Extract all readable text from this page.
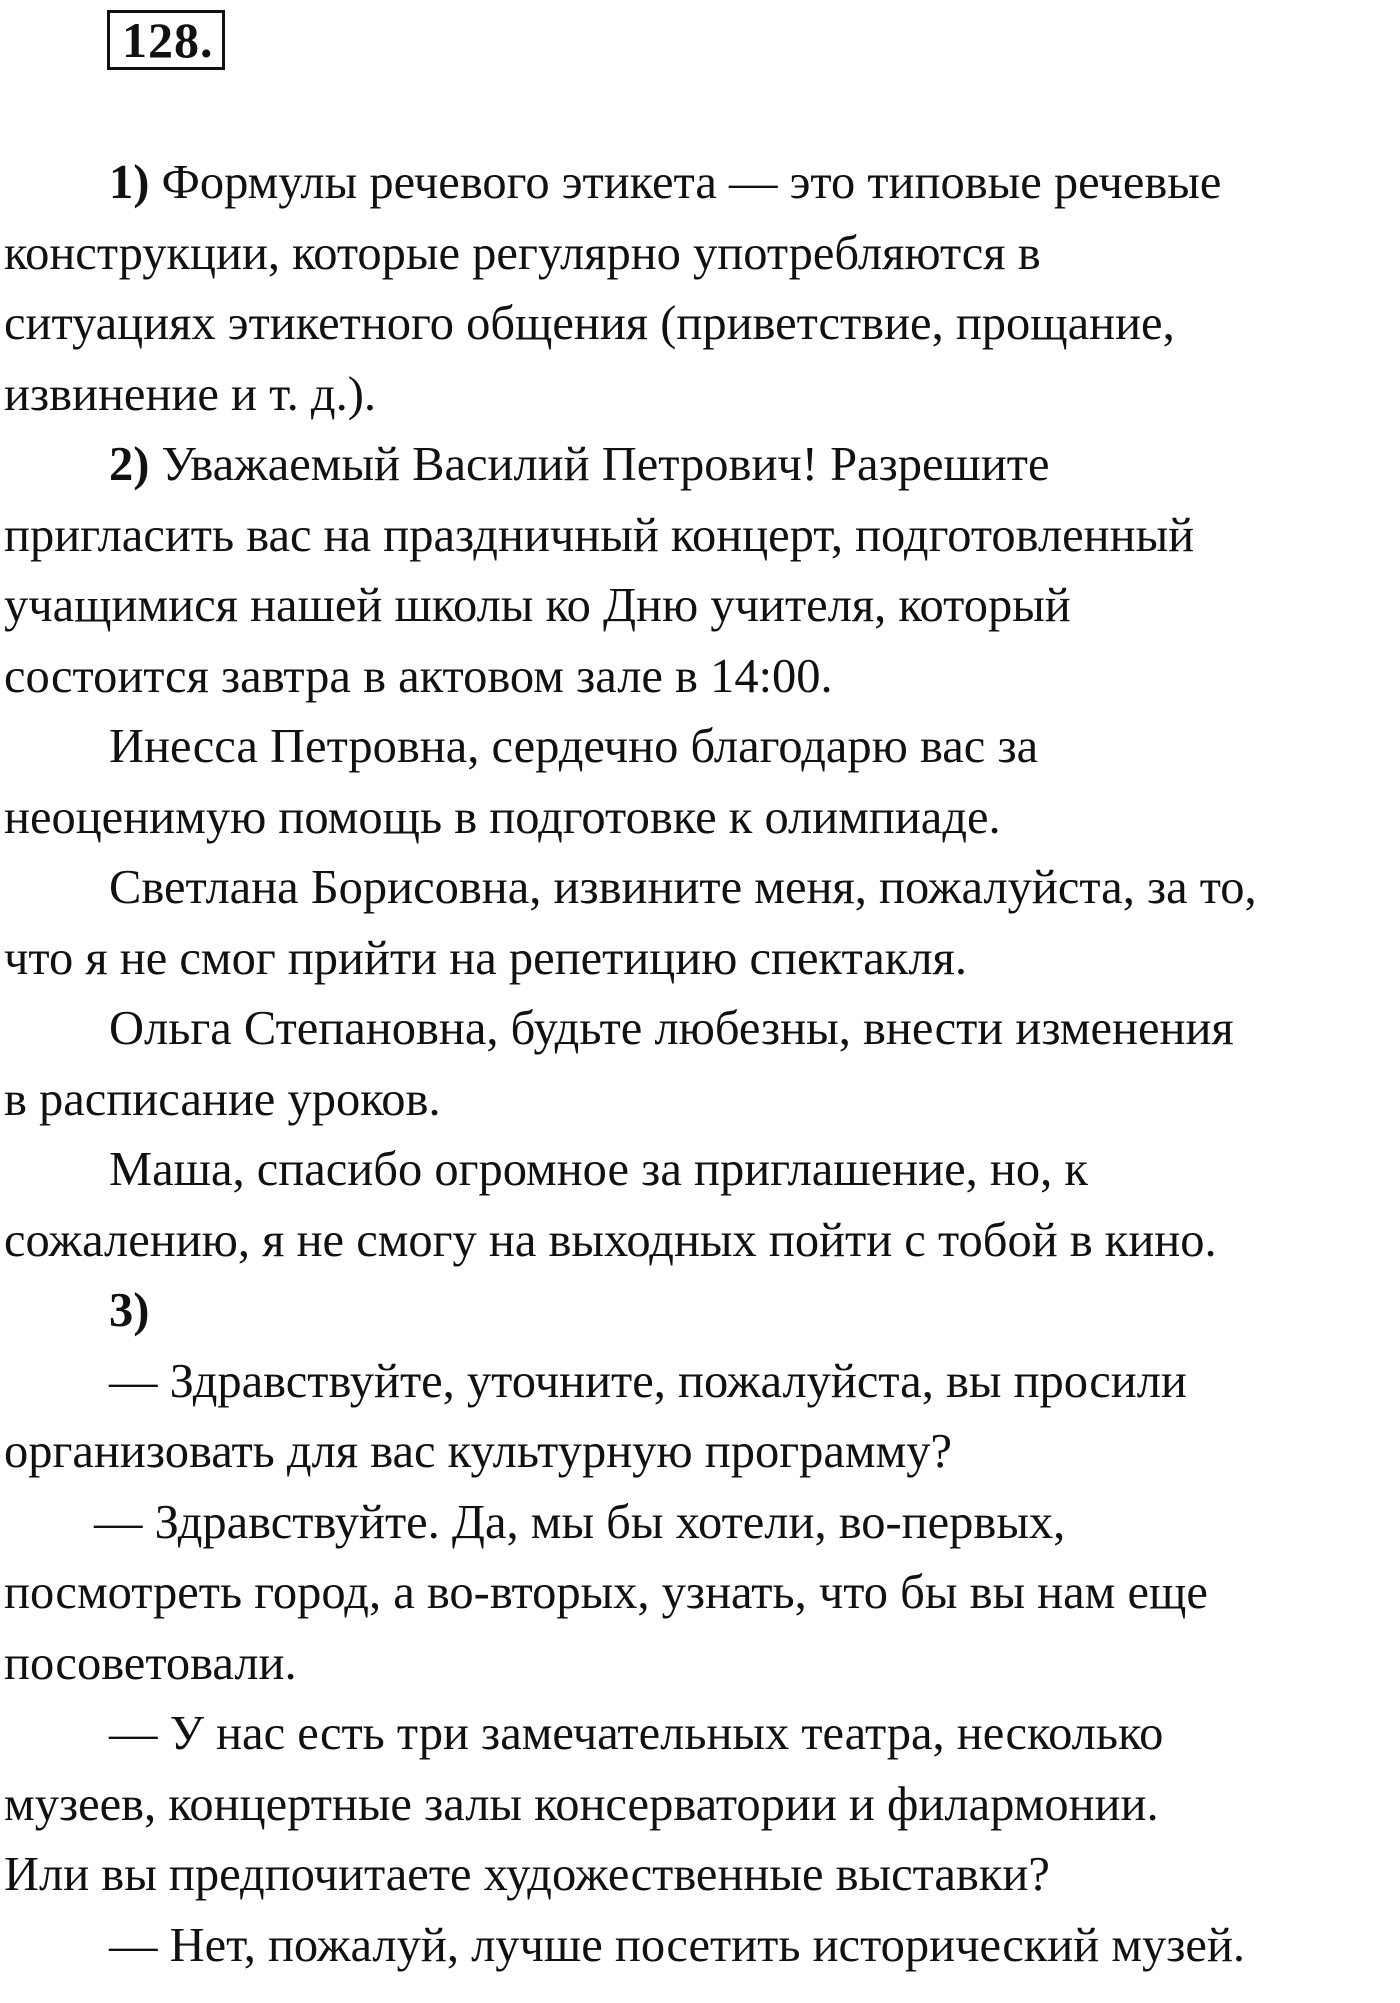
128.

1) Формулы речевого этикета — это типовые речевые
конструкции, которые регулярно употребляются в
ситуациях этикетного общения (приветствие, прощание,
извинение и т. д.).

2) Уважаемый Василий Петрович! Разрешите
пригласить вас на праздничный концерт, подготовленный
учащимися нашей школы ко Дню учителя, который
состоится завтра в актовом зале в 14:00.

Инесса Петровна, сердечно благодарю вас за
неоценимую помощь в подготовке к олимпиаде.

Светлана Борисовна, извините меня, пожалуйста, за то,
что я не смог прийти на репетицию спектакля.

Ольга Степановна, будьте любезны, внести изменения
в расписание уроков.

Маша, спасибо огромное за приглашение, но, к
сожалению, я не смогу на выходных пойти с тобой в кино.

3)

— Здравствуйте, уточните, пожалуйста, вы просили
организовать для вас культурную программу?

— Здравствуйте. Да, мы бы хотели, во-первых,
посмотреть город, а во-вторых, узнать, что бы вы нам еще
посоветовали.

— У нас есть три замечательных театра, несколько
музеев, концертные залы консерватории и филармонии.
Или вы предпочитаете художественные выставки?

— Нет, пожалуй, лучше посетить исторический музей.
